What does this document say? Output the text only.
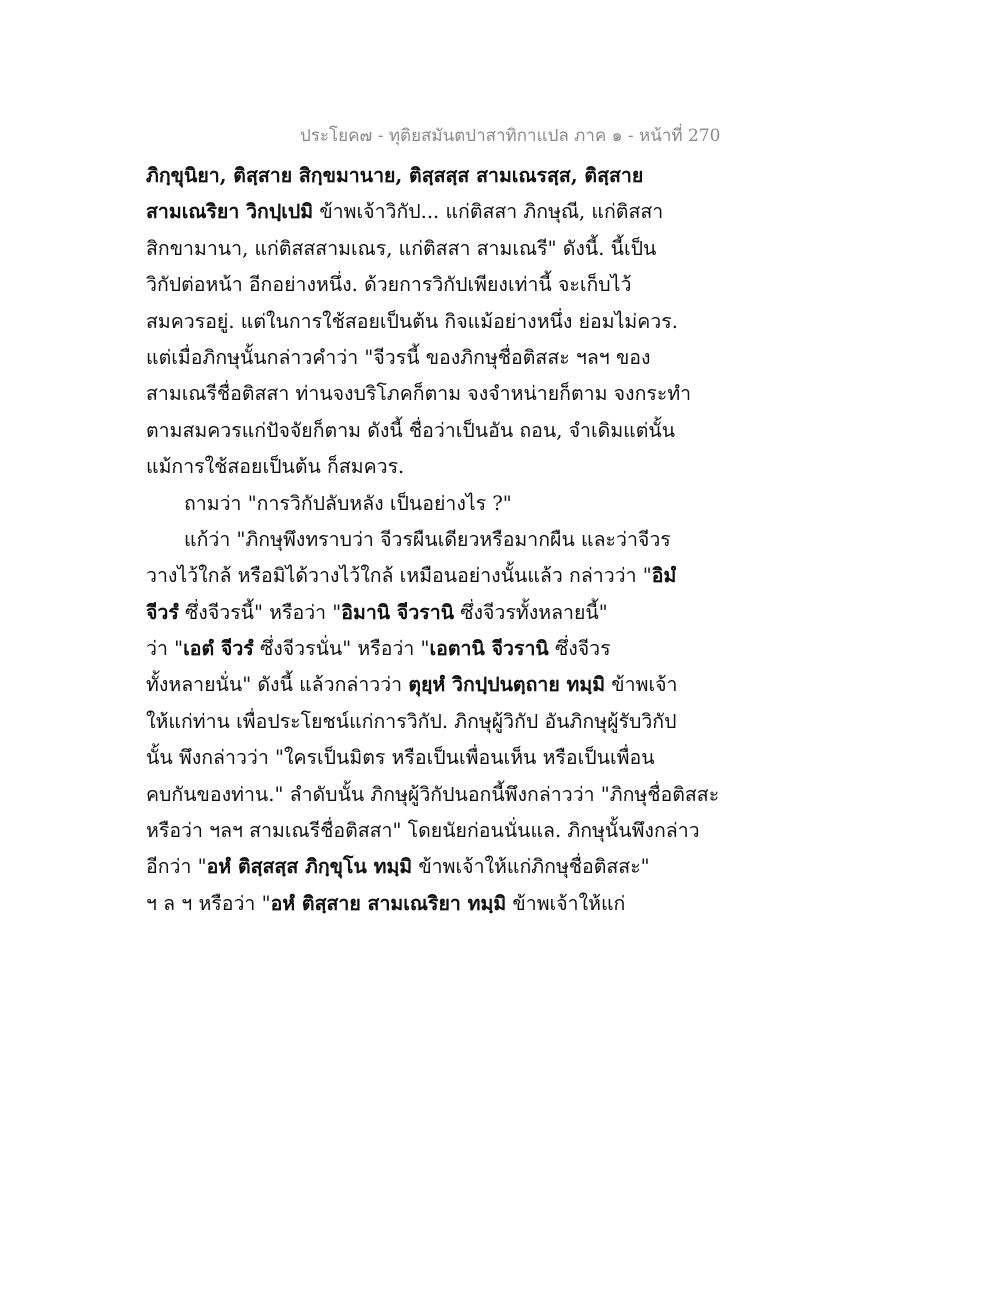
ประโยค๗ - ทุติยสมันตปาสาทิกาแปล ภาค ๑ - หน้าที่ 270
ภิกฺขุนิยา, ติสฺสาย สิกฺขมานาย, ติสฺสสฺส สามเณรสฺส, ติสฺสาย
สามเณริยา วิกปฺเปมิ ข้าพเจ้าวิกัป... แก่ติสสา ภิกษุณี, แก่ติสสา
สิกขามานา, แก่ติสสสามเณร, แก่ติสสา สามเณรี" ดังนี้. นี้เป็น
วิกัปต่อหน้า อีกอย่างหนึ่ง. ด้วยการวิกัปเพียงเท่านี้ จะเก็บไว้
สมควรอยู่. แต่ในการใช้สอยเป็นต้น กิจแม้อย่างหนึ่ง ย่อมไม่ควร.
แต่เมื่อภิกษุนั้นกล่าวคำว่า "จีวรนี้ ของภิกษุชื่อติสสะ ฯลฯ ของ
สามเณรีชื่อติสสา ท่านจงบริโภคก็ตาม จงจำหน่ายก็ตาม จงกระทำ
ตามสมควรแก่ปัจจัยก็ตาม ดังนี้ ชื่อว่าเป็นอัน ถอน, จำเดิมแต่นั้น
แม้การใช้สอยเป็นต้น ก็สมควร.
ถามว่า "การวิกัปลับหลัง เป็นอย่างไร ?"
แก้ว่า "ภิกษุพึงทราบว่า จีวรผืนเดียวหรือมากผืน และว่าจีวร
วางไว้ใกล้ หรือมิได้วางไว้ใกล้ เหมือนอย่างนั้นแล้ว กล่าวว่า "อิมํ
จีวรํ ซึ่งจีวรนี้" หรือว่า "อิมานิ จีวรานิ ซึ่งจีวรทั้งหลายนี้"
ว่า "เอตํ จีวรํ ซึ่งจีวรนั่น" หรือว่า "เอตานิ จีวรานิ ซึ่งจีวร
ทั้งหลายนั่น" ดังนี้ แล้วกล่าวว่า ตุยฺหํ วิกปฺปนตฺถาย ทมฺมิ ข้าพเจ้า
ให้แก่ท่าน เพื่อประโยชน์แก่การวิกัป. ภิกษุผู้วิกัป อันภิกษุผู้รับวิกัป
นั้น พึงกล่าวว่า "ใครเป็นมิตร หรือเป็นเพื่อนเห็น หรือเป็นเพื่อน
คบกันของท่าน." ลำดับนั้น ภิกษุผู้วิกัปนอกนี้พึงกล่าวว่า "ภิกษุชื่อติสสะ
หรือว่า ฯลฯ สามเณรีชื่อติสสา" โดยนัยก่อนนั่นแล. ภิกษุนั้นพึงกล่าว
อีกว่า "อหํ ติสฺสสฺส ภิกฺขุโน ทมฺมิ ข้าพเจ้าให้แก่ภิกษุชื่อติสสะ"
ฯ ล ฯ หรือว่า "อหํ ติสฺสาย สามเณริยา ทมฺมิ ข้าพเจ้าให้แก่
